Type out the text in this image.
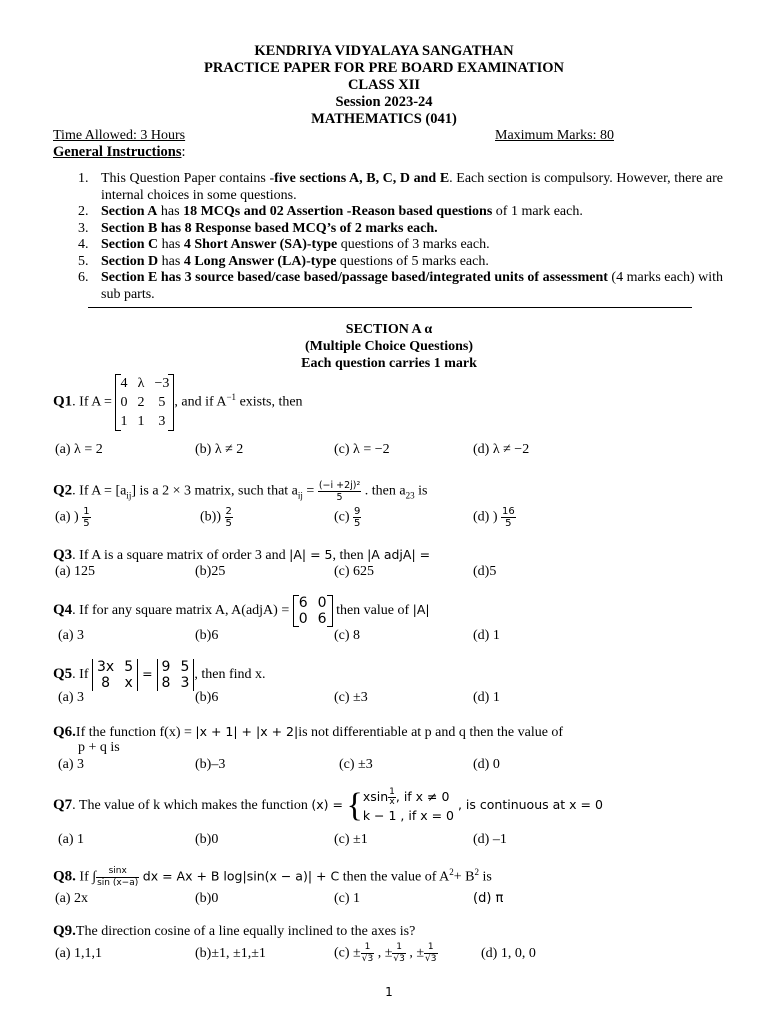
KENDRIYA VIDYALAYA SANGATHAN
PRACTICE PAPER FOR PRE BOARD EXAMINATION
CLASS XII
Session 2023-24
MATHEMATICS (041)
Time Allowed: 3 Hours	Maximum Marks: 80
General Instructions:
1. This Question Paper contains -five sections A, B, C, D and E. Each section is compulsory. However, there are internal choices in some questions.
2. Section A has 18 MCQs and 02 Assertion -Reason based questions of 1 mark each.
3. Section B has 8 Response based MCQ’s of 2 marks each.
4. Section C has 4 Short Answer (SA)-type questions of 3 marks each.
5. Section D has 4 Long Answer (LA)-type questions of 5 marks each.
6. Section E has 3 source based/case based/passage based/integrated units of assessment (4 marks each) with sub parts.
SECTION A α
(Multiple Choice Questions)
Each question carries 1 mark
Q1. If A =
4	λ	−3
0	2	5
1	1	3
, and if $A^{-1}$ exists, then
(a) λ = 2	(b) λ ≠ 2	(c) λ = −2	(d) λ ≠ −2
Q2. If $A = [a_{ij}]$ is a 2 × 3 matrix, such that $a_{ij} = \frac{\text{(−i +2j)²}}{5}$ . then $a_{23}$ is
(a) ) $\frac{1}{5}$	$(b)) \frac{2}{5}$	$(c) \frac{9}{5}$	(d) ) $\frac{16}{5}$
Q3. If A is a square matrix of order 3 and |A| = 5, then |A adjA| =
(a) 125	(b)25	(c) 625	(d)5
Q4. If for any square matrix A, A(adjA) = 6	0
0	6
then value of |A|
(a) 3	(b)6	(c) 8	(d) 1
Q5. If 3x	5
8	x
= 9	5
8	3
, then find x.
(a) 3	(b)6	(c) ±3	(d) 1
Q6.If the function f(x) = |x + 1| + |x + 2|is not differentiable at p and q then the value of
p + q is
(a) 3	(b)–3	(c) ±3	(d) 0
Q7. The value of k which makes the function (x) = { xsin $\frac{1}{x}$ , if x ≠ 0
k − 1 , if x = 0
, is continuous at x = 0
(a) 1	(b)0	(c) ±1	(d) –1
Q8. If ∫ $\frac{\sin x}{\sin (x-a)}$ dx = Ax + B log|sin(x − a)| + C then the value of $A^2+ B^2$ is
(a) 2x	(b)0	(c) 1	(d) π
Q9.The direction cosine of a line equally inclined to the axes is?
(a) 1,1,1	(b)±1, ±1,±1	$(c) \pm \frac{1}{√3}$ , ± $\frac{1}{√3}$ , ± $\frac{1}{√3}$	(d) 1, 0, 0
1
